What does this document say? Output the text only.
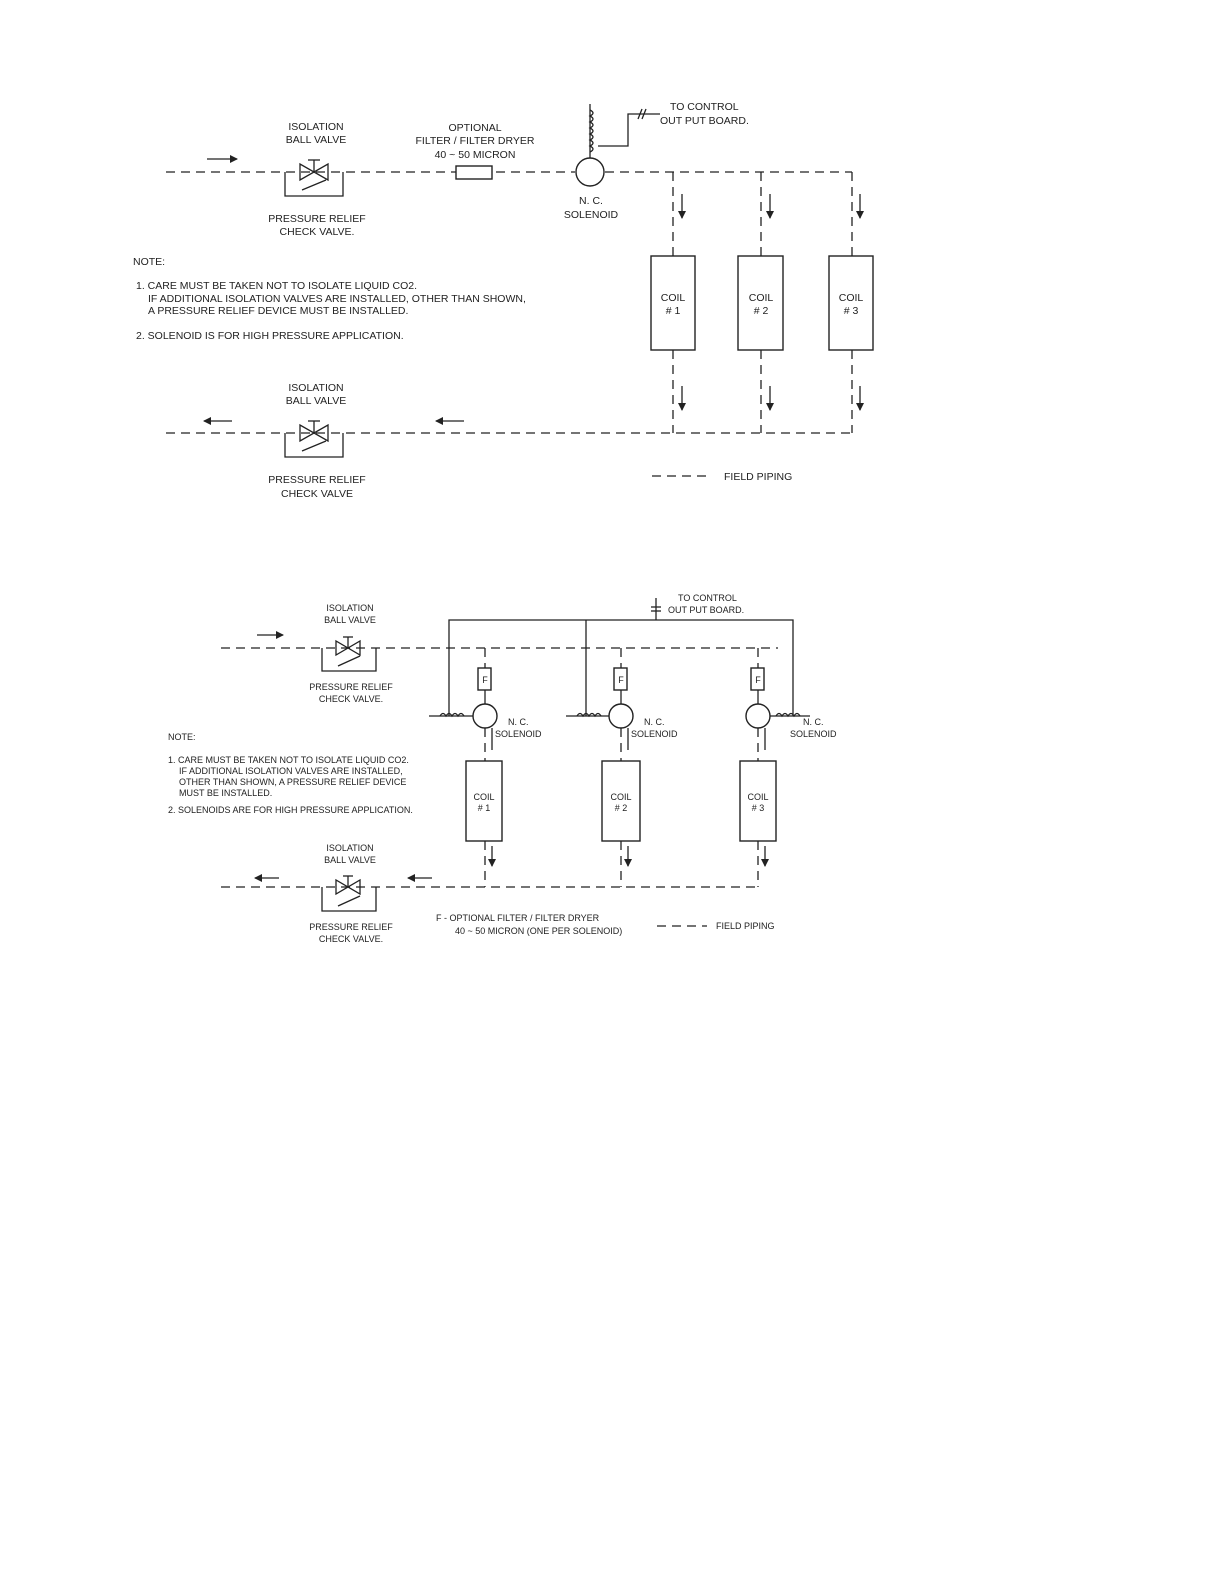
ISOLATION
BALL VALVE
PRESSURE RELIEF
CHECK VALVE.
OPTIONAL
FILTER / FILTER DRYER
40 ~ 50 MICRON
TO CONTROL
OUT PUT BOARD.
N. C.
SOLENOID
NOTE:
1. CARE MUST BE TAKEN NOT TO ISOLATE LIQUID CO2.
IF ADDITIONAL ISOLATION VALVES ARE INSTALLED, OTHER THAN SHOWN,
A PRESSURE RELIEF DEVICE MUST BE INSTALLED.
2. SOLENOID IS FOR HIGH PRESSURE APPLICATION.
COIL
# 1
COIL
# 2
COIL
# 3
ISOLATION
BALL VALVE
PRESSURE RELIEF
CHECK VALVE
FIELD PIPING
TO CONTROL
OUT PUT BOARD.
ISOLATION
BALL VALVE
PRESSURE RELIEF
CHECK VALVE.
F
N. C.
SOLENOID
COIL
# 1
F
N. C.
SOLENOID
COIL
# 2
F
N. C.
SOLENOID
COIL
# 3
NOTE:
1. CARE MUST BE TAKEN NOT TO ISOLATE LIQUID CO2.
IF ADDITIONAL ISOLATION VALVES ARE INSTALLED,
OTHER THAN SHOWN, A PRESSURE RELIEF DEVICE
MUST BE INSTALLED.
2. SOLENOIDS ARE FOR HIGH PRESSURE APPLICATION.
ISOLATION
BALL VALVE
PRESSURE RELIEF
CHECK VALVE.
F - OPTIONAL FILTER / FILTER DRYER
40 ~ 50 MICRON (ONE PER SOLENOID)	FIELD PIPING
